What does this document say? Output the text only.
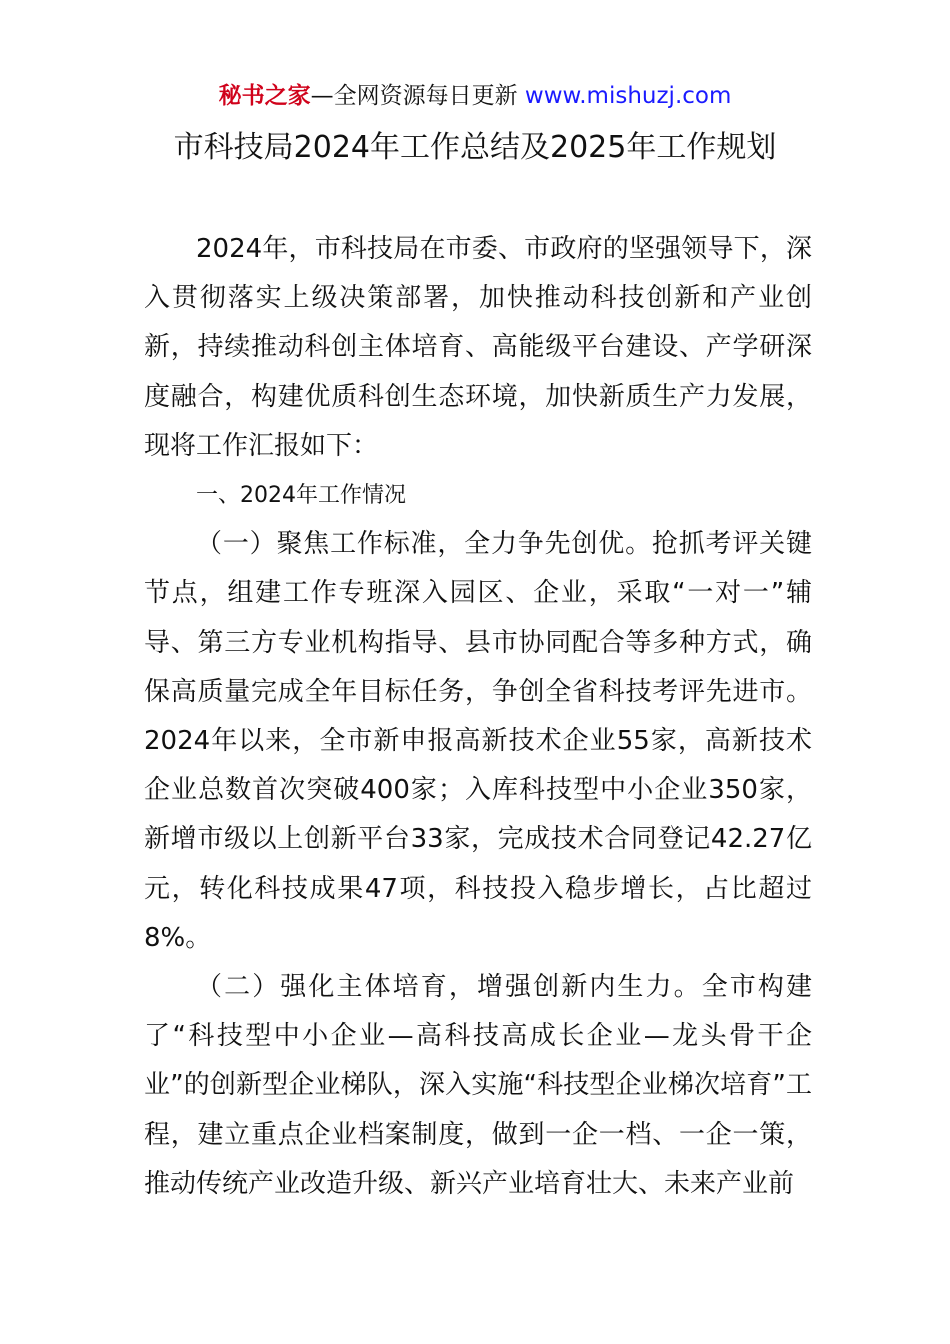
秘书之家—全网资源每日更新 www.mishuzj.com
市科技局2024年工作总结及2025年工作规划

2024年，市科技局在市委、市政府的坚强领导下，深入贯彻落实上级决策部署，加快推动科技创新和产业创新，持续推动科创主体培育、高能级平台建设、产学研深度融合，构建优质科创生态环境，加快新质生产力发展，现将工作汇报如下：

一、2024年工作情况

（一）聚焦工作标准，全力争先创优。抢抓考评关键节点，组建工作专班深入园区、企业，采取“一对一”辅导、第三方专业机构指导、县市协同配合等多种方式，确保高质量完成全年目标任务，争创全省科技考评先进市。2024年以来，全市新申报高新技术企业55家，高新技术企业总数首次突破400家；入库科技型中小企业350家，新增市级以上创新平台33家，完成技术合同登记42.27亿元，转化科技成果47项，科技投入稳步增长，占比超过8%。

（二）强化主体培育，增强创新内生力。全市构建了“科技型中小企业—高科技高成长企业—龙头骨干企业”的创新型企业梯队，深入实施“科技型企业梯次培育”工程，建立重点企业档案制度，做到一企一档、一企一策，推动传统产业改造升级、新兴产业培育壮大、未来产业前
